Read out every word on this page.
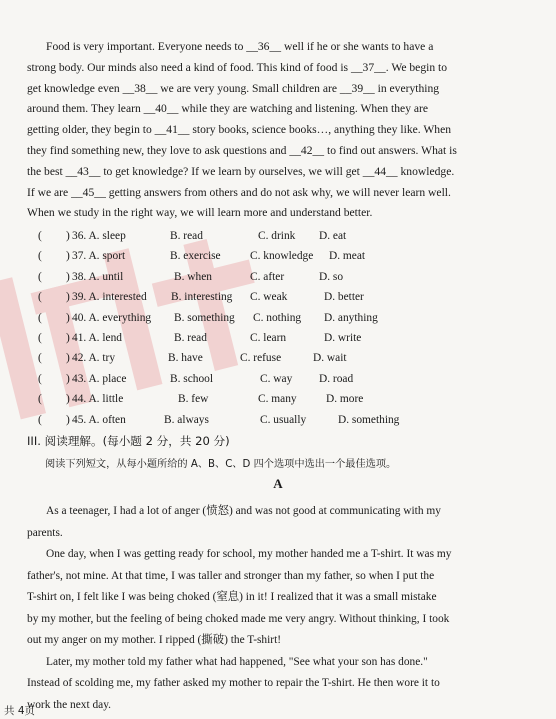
Food is very important. Everyone needs to __36__ well if he or she wants to have a

strong body. Our minds also need a kind of food. This kind of food is __37__. We begin to

get knowledge even __38__ we are very young. Small children are __39__ in everything

around them. They learn __40__ while they are watching and listening. When they are

getting older, they begin to __41__ story books, science books…, anything they like. When

they find something new, they love to ask questions and __42__ to find out answers. What is

the best __43__ to get knowledge? If we learn by ourselves, we will get __44__ knowledge.

If we are __45__ getting answers from others and do not ask why, we will never learn well.

When we study in the right way, we will learn more and understand better.

( ) 36. A. sleep	B. read	C. drink D. eat
( ) 37. A. sport	B. exercise	C. knowledge D. meat
( ) 38. A. until	B. when	C. after	D. so
( ) 39. A. interested B. interesting C. weak	D. better
( ) 40. A. everything B. something C. nothing D. anything
( ) 41. A. lend	B. read	C. learn	D. write
( ) 42. A. try	B. have	C. refuse	D. wait
( ) 43. A. place	B. school	C. way D. road
( ) 44. A. little	B. few	C. many	D. more
( ) 45. A. often	B. always	C. usually	D. something
III. 阅读理解。(每小题 2 分，共 20 分)
阅读下列短文，从每小题所给的 A、B、C、D 四个选项中选出一个最佳选项。
A

As a teenager, I had a lot of anger (愤怒) and was not good at communicating with my

parents.

One day, when I was getting ready for school, my mother handed me a T-shirt. It was my

father's, not mine. At that time, I was taller and stronger than my father, so when I put the

T-shirt on, I felt like I was being choked (窒息) in it! I realized that it was a small mistake

by my mother, but the feeling of being choked made me very angry. Without thinking, I took

out my anger on my mother. I ripped (撕破) the T-shirt!

Later, my mother told my father what had happened, "See what your son has done."

Instead of scolding me, my father asked my mother to repair the T-shirt. He then wore it to

work the next day.

共 4页
